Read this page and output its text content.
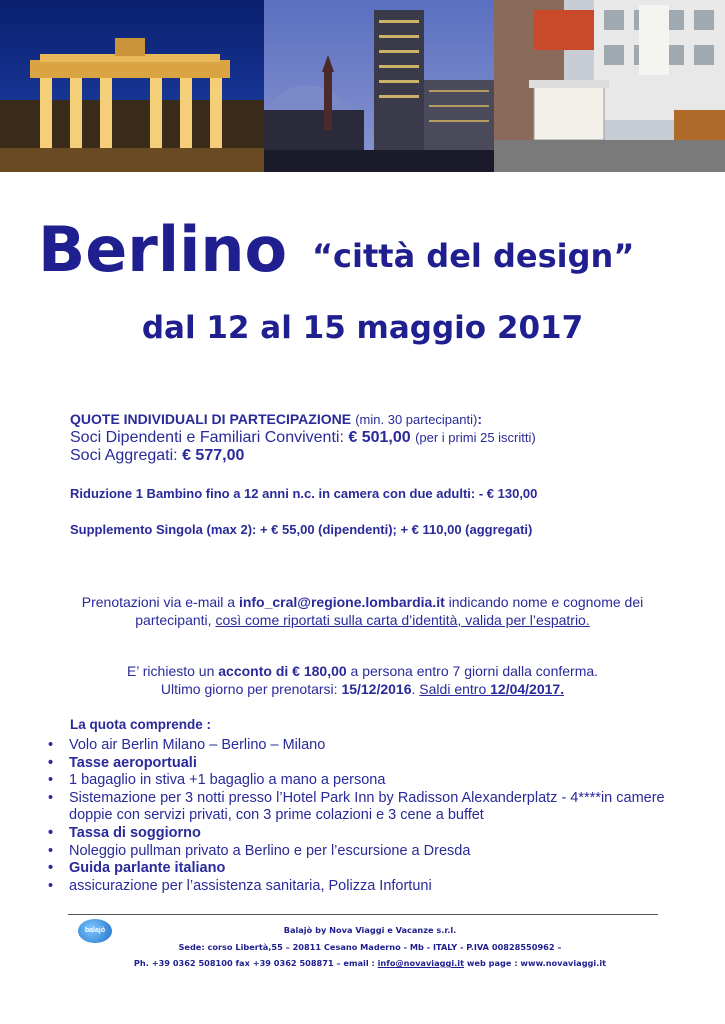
Berlino “città del design”
dal 12 al 15 maggio 2017
QUOTE INDIVIDUALI DI PARTECIPAZIONE (min. 30 partecipanti):
Soci Dipendenti e Familiari Conviventi: € 501,00 (per i primi 25 iscritti)
Soci Aggregati: € 577,00
Riduzione 1 Bambino fino a 12 anni n.c. in camera con due adulti: - € 130,00
Supplemento Singola (max 2): + € 55,00 (dipendenti); + € 110,00 (aggregati)
Prenotazioni via e-mail a info_cral@regione.lombardia.it indicando nome e cognome dei partecipanti, così come riportati sulla carta d’identità, valida per l’espatrio.
E’ richiesto un acconto di € 180,00 a persona entro 7 giorni dalla conferma.
Ultimo giorno per prenotarsi: 15/12/2016. Saldi entro 12/04/2017.
La quota comprende :
• Volo air Berlin Milano – Berlino – Milano
• Tasse aeroportuali
• 1 bagaglio in stiva +1 bagaglio a mano a persona
• Sistemazione per 3 notti presso l’Hotel Park Inn by Radisson Alexanderplatz - 4****in camere doppie con servizi privati, con 3 prime colazioni e 3 cene a buffet
• Tassa di soggiorno
• Noleggio pullman privato a Berlino e per l’escursione a Dresda
• Guida parlante italiano
• assicurazione per l’assistenza sanitaria, Polizza Infortuni
balajò	Balajò by Nova Viaggi e Vacanze s.r.l.
Sede: corso Libertà,55 – 20811 Cesano Maderno - Mb - ITALY - P.IVA 00828550962 –
Ph. +39 0362 508100 fax +39 0362 508871 – email : info@novaviaggi.it web page : www.novaviaggi.it
